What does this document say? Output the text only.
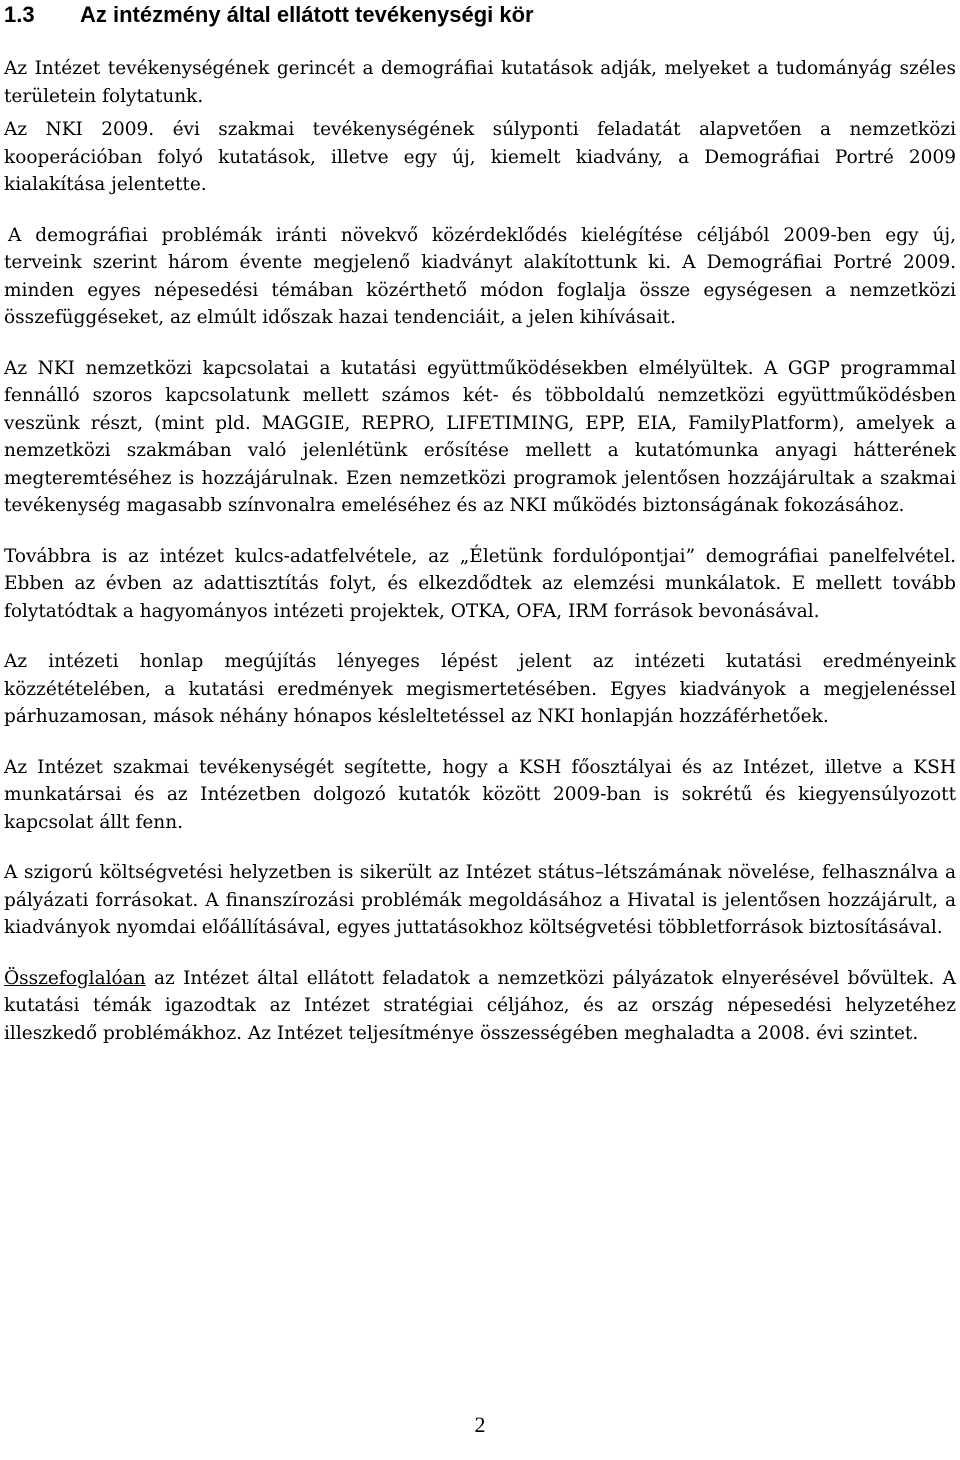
1.3 Az intézmény által ellátott tevékenységi kör

Az Intézet tevékenységének gerincét a demográfiai kutatások adják, melyeket a tudományág széles területein folytatunk.

Az NKI 2009. évi szakmai tevékenységének súlyponti feladatát alapvetően a nemzetközi kooperációban folyó kutatások, illetve egy új, kiemelt kiadvány, a Demográfiai Portré 2009 kialakítása jelentette.

A demográfiai problémák iránti növekvő közérdeklődés kielégítése céljából 2009-ben egy új, terveink szerint három évente megjelenő kiadványt alakítottunk ki. A Demográfiai Portré 2009. minden egyes népesedési témában közérthető módon foglalja össze egységesen a nemzetközi összefüggéseket, az elmúlt időszak hazai tendenciáit, a jelen kihívásait.

Az NKI nemzetközi kapcsolatai a kutatási együttműködésekben elmélyültek. A GGP programmal fennálló szoros kapcsolatunk mellett számos két- és többoldalú nemzetközi együttműködésben veszünk részt, (mint pld. MAGGIE, REPRO, LIFETIMING, EPP, EIA, FamilyPlatform), amelyek a nemzetközi szakmában való jelenlétünk erősítése mellett a kutatómunka anyagi hátterének megteremtéséhez is hozzájárulnak. Ezen nemzetközi programok jelentősen hozzájárultak a szakmai tevékenység magasabb színvonalra emeléséhez és az NKI működés biztonságának fokozásához.

Továbbra is az intézet kulcs-adatfelvétele, az „Életünk fordulópontjai” demográfiai panelfelvétel. Ebben az évben az adattisztítás folyt, és elkezdődtek az elemzési munkálatok. E mellett tovább folytatódtak a hagyományos intézeti projektek, OTKA, OFA, IRM források bevonásával.

Az intézeti honlap megújítás lényeges lépést jelent az intézeti kutatási eredményeink közzétételében, a kutatási eredmények megismertetésében. Egyes kiadványok a megjelenéssel párhuzamosan, mások néhány hónapos késleltetéssel az NKI honlapján hozzáférhetőek.

Az Intézet szakmai tevékenységét segítette, hogy a KSH főosztályai és az Intézet, illetve a KSH munkatársai és az Intézetben dolgozó kutatók között 2009-ban is sokrétű és kiegyensúlyozott kapcsolat állt fenn.

A szigorú költségvetési helyzetben is sikerült az Intézet státus–létszámának növelése, felhasználva a pályázati forrásokat. A finanszírozási problémák megoldásához a Hivatal is jelentősen hozzájárult, a kiadványok nyomdai előállításával, egyes juttatásokhoz költségvetési többletforrások biztosításával.

Összefoglalóan az Intézet által ellátott feladatok a nemzetközi pályázatok elnyerésével bővültek. A kutatási témák igazodtak az Intézet stratégiai céljához, és az ország népesedési helyzetéhez illeszkedő problémákhoz. Az Intézet teljesítménye összességében meghaladta a 2008. évi szintet.

2
